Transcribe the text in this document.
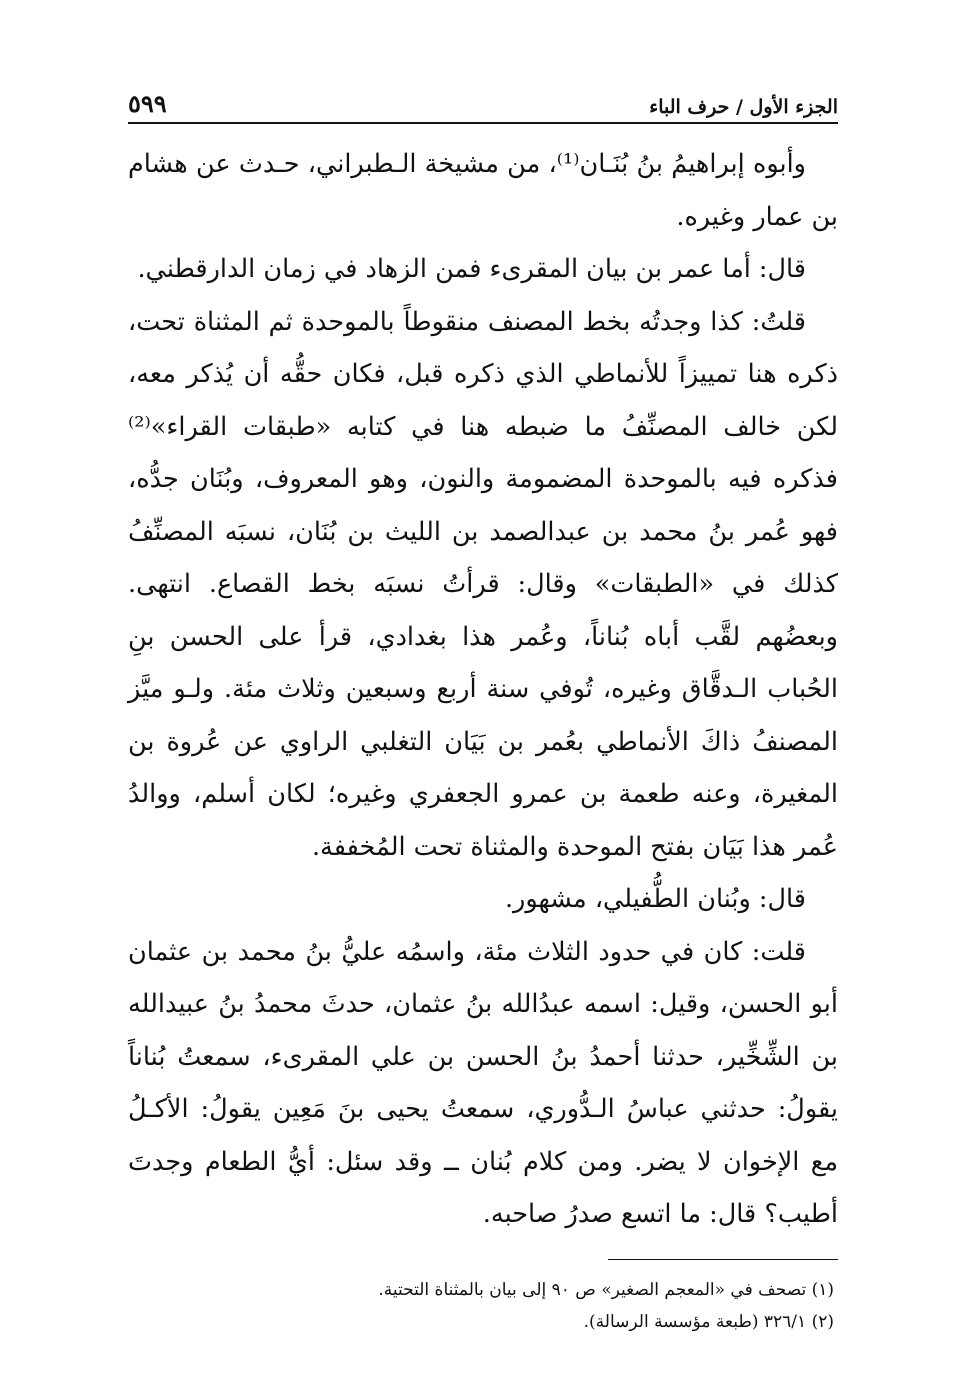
الجزء الأول / حرف الباء
٥٩٩

وأبوه إبراهيمُ بنُ بُنَـان⁽¹⁾، من مشيخة الـطبراني، حـدث عن هشام بن عمار وغيره.

قال: أما عمر بن بيان المقرىء فمن الزهاد في زمان الدارقطني.

قلتُ: كذا وجدتُه بخط المصنف منقوطاً بالموحدة ثم المثناة تحت، ذكره هنا تمييزاً للأنماطي الذي ذكره قبل، فكان حقُّه أن يُذكر معه، لكن خالف المصنِّفُ ما ضبطه هنا في كتابه «طبقات القراء»⁽²⁾ فذكره فيه بالموحدة المضمومة والنون، وهو المعروف، وبُنَان جدُّه، فهو عُمر بنُ محمد بن عبدالصمد بن الليث بن بُنَان، نسبَه المصنِّفُ كذلك في «الطبقات» وقال: قرأتُ نسبَه بخط القصاع. انتهى. وبعضُهم لقَّب أباه بُناناً، وعُمر هذا بغدادي، قرأ على الحسن بنِ الحُباب الـدقَّاق وغيره، تُوفي سنة أربع وسبعين وثلاث مئة. ولـو ميَّز المصنفُ ذاكَ الأنماطي بعُمر بن بَيَان التغلبي الراوي عن عُروة بن المغيرة، وعنه طعمة بن عمرو الجعفري وغيره؛ لكان أسلم، ووالدُ عُمر هذا بَيَان بفتح الموحدة والمثناة تحت المُخففة.

قال: وبُنان الطُّفيلي، مشهور.

قلت: كان في حدود الثلاث مئة، واسمُه عليُّ بنُ محمد بن عثمان أبو الحسن، وقيل: اسمه عبدُالله بنُ عثمان، حدثَ محمدُ بنُ عبيدالله بن الشِّخِّير، حدثنا أحمدُ بنُ الحسن بن علي المقرىء، سمعتُ بُناناً يقولُ: حدثني عباسُ الـدُّوري، سمعتُ يحيى بنَ مَعِين يقولُ: الأكـلُ مع الإخوان لا يضر. ومن كلام بُنان ــ وقد سئل: أيُّ الطعام وجدتَ أطيب؟ قال: ما اتسع صدرُ صاحبه.

(١) تصحف في «المعجم الصغير» ص ٩٠ إلى بيان بالمثناة التحتية.

(٢) ٣٢٦/١ (طبعة مؤسسة الرسالة).
